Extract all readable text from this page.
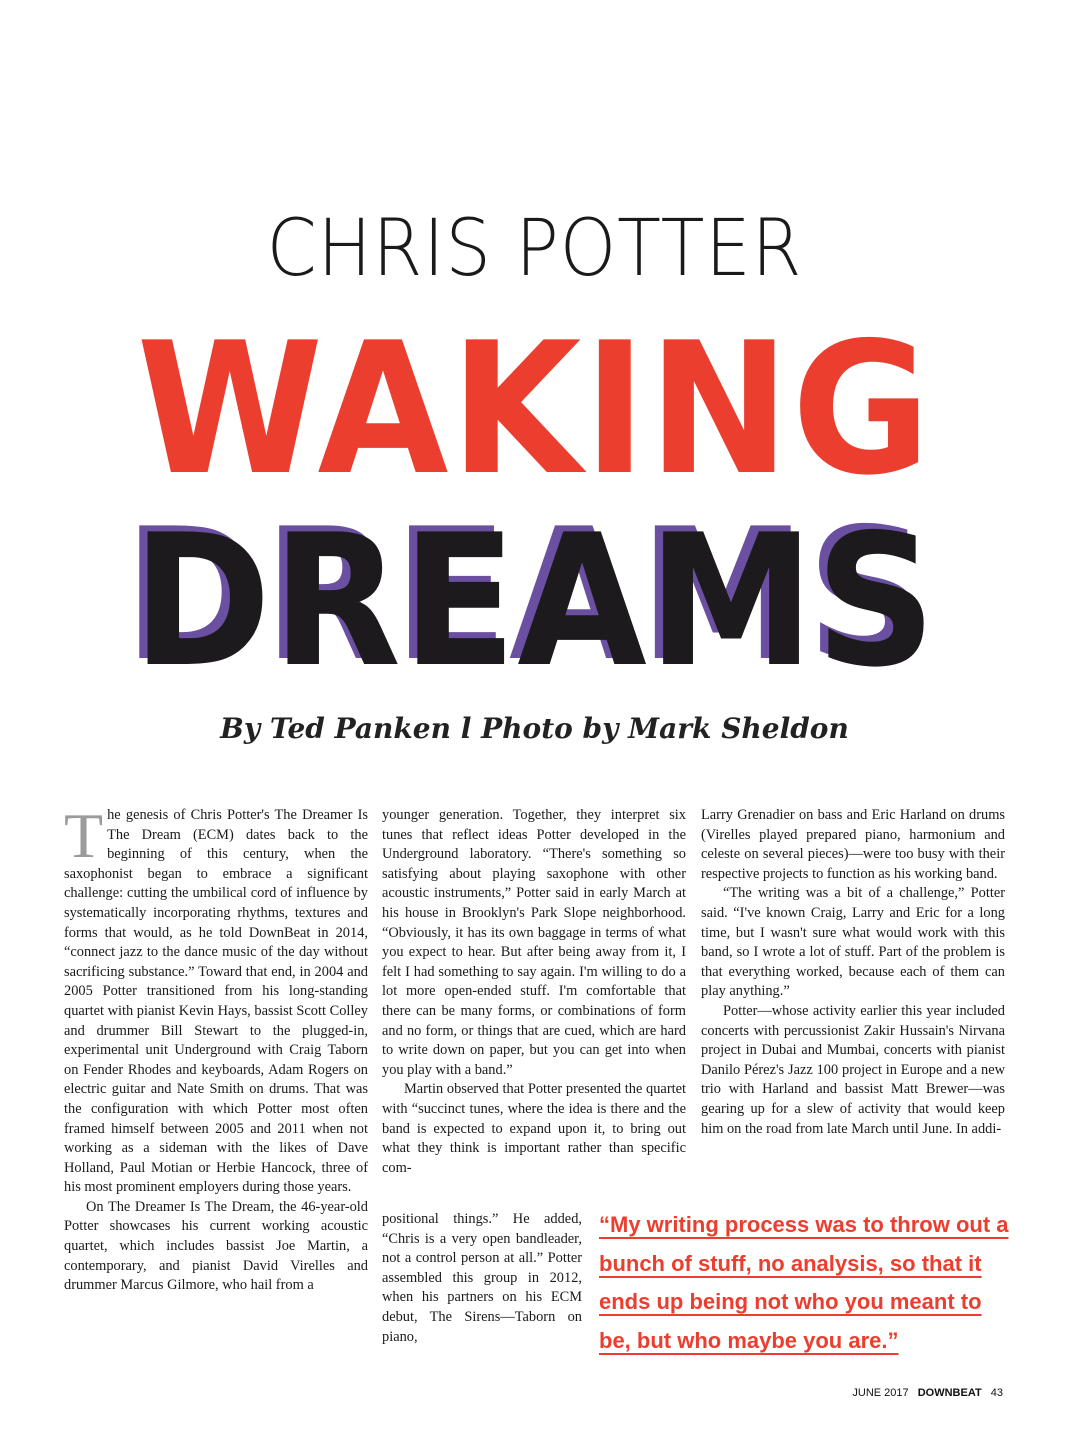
CHRIS POTTER
WAKING
DREAMS
By Ted Panken l Photo by Mark Sheldon

The genesis of Chris Potter's The Dreamer Is The Dream (ECM) dates back to the beginning of this century, when the saxophonist began to embrace a significant challenge: cutting the umbilical cord of influence by systematically incorporating rhythms, textures and forms that would, as he told DownBeat in 2014, “connect jazz to the dance music of the day without sacrificing substance.” Toward that end, in 2004 and 2005 Potter transitioned from his long-standing quartet with pianist Kevin Hays, bassist Scott Colley and drummer Bill Stewart to the plugged-in, experimental unit Underground with Craig Taborn on Fender Rhodes and keyboards, Adam Rogers on electric guitar and Nate Smith on drums. That was the configuration with which Potter most often framed himself between 2005 and 2011 when not working as a sideman with the likes of Dave Holland, Paul Motian or Herbie Hancock, three of his most prominent employers during those years.

On The Dreamer Is The Dream, the 46-year-old Potter showcases his current working acoustic quartet, which includes bassist Joe Martin, a contemporary, and pianist David Virelles and drummer Marcus Gilmore, who hail from a

younger generation. Together, they interpret six tunes that reflect ideas Potter developed in the Underground laboratory. “There's something so satisfying about playing saxophone with other acoustic instruments,” Potter said in early March at his house in Brooklyn's Park Slope neighborhood. “Obviously, it has its own baggage in terms of what you expect to hear. But after being away from it, I felt I had something to say again. I'm willing to do a lot more open-ended stuff. I'm comfortable that there can be many forms, or combinations of form and no form, or things that are cued, which are hard to write down on paper, but you can get into when you play with a band.”

Martin observed that Potter presented the quartet with “succinct tunes, where the idea is there and the band is expected to expand upon it, to bring out what they think is important rather than specific com-

positional things.” He added, “Chris is a very open bandleader, not a control person at all.” Potter assembled this group in 2012, when his partners on his ECM debut, The Sirens—Taborn on piano,

Larry Grenadier on bass and Eric Harland on drums (Virelles played prepared piano, harmonium and celeste on several pieces)—were too busy with their respective projects to function as his working band.

“The writing was a bit of a challenge,” Potter said. “I've known Craig, Larry and Eric for a long time, but I wasn't sure what would work with this band, so I wrote a lot of stuff. Part of the problem is that everything worked, because each of them can play anything.”

Potter—whose activity earlier this year included concerts with percussionist Zakir Hussain's Nirvana project in Dubai and Mumbai, concerts with pianist Danilo Pérez's Jazz 100 project in Europe and a new trio with Harland and bassist Matt Brewer—was gearing up for a slew of activity that would keep him on the road from late March until June. In addi-

“My writing process was to throw out a bunch of stuff, no analysis, so that it ends up being not who you meant to be, but who maybe you are.”
JUNE 2017 DOWNBEAT 43
